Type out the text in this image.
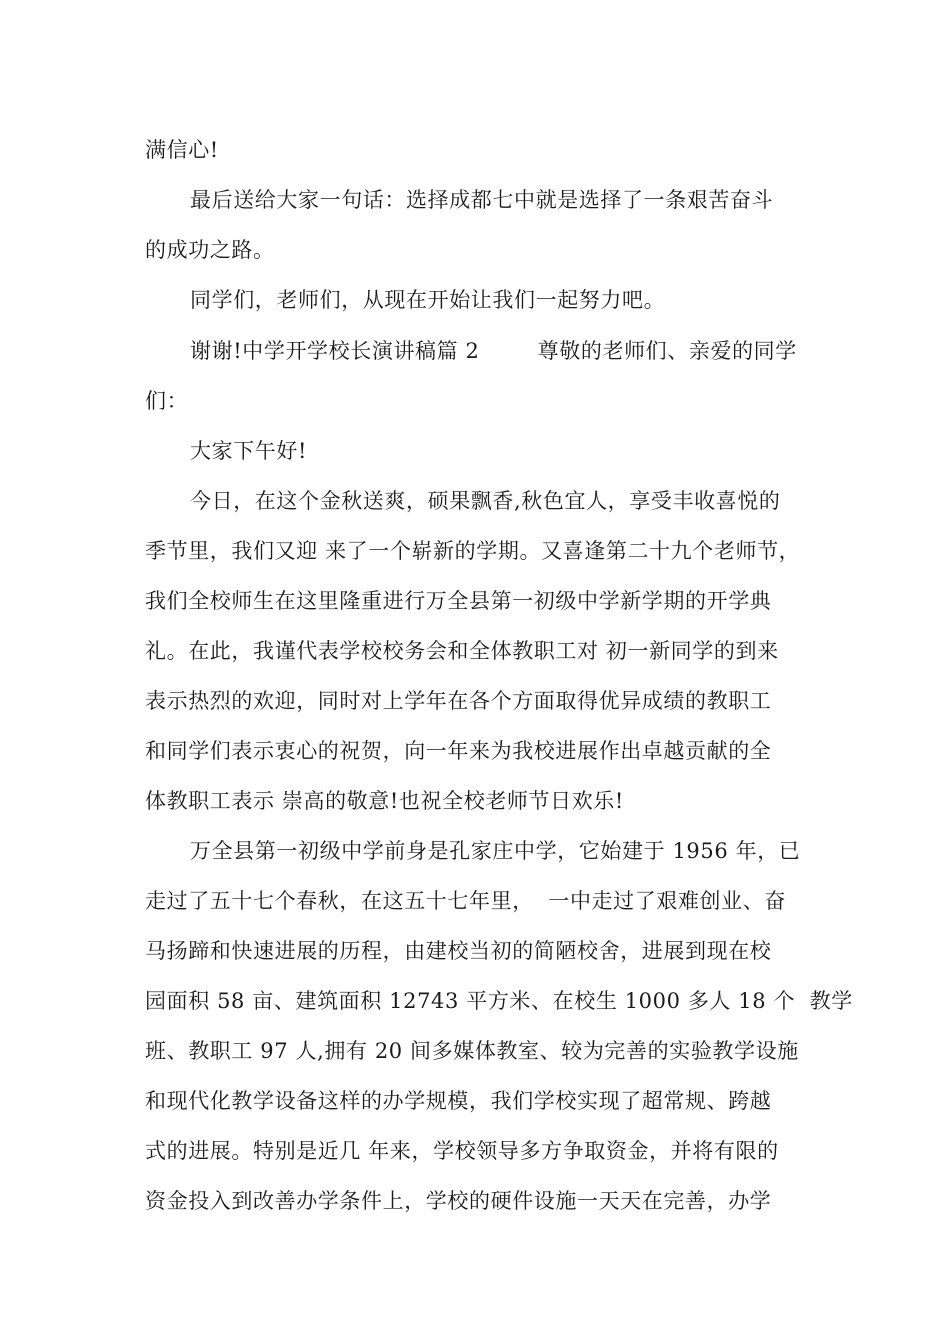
满信心!
最后送给大家一句话：选择成都七中就是选择了一条艰苦奋斗
的成功之路。
同学们，老师们，从现在开始让我们一起努力吧。
谢谢!中学开学校长演讲稿篇 2        尊敬的老师们、亲爱的同学
们：
大家下午好!
今日，在这个金秋送爽，硕果飘香,秋色宜人，享受丰收喜悦的
季节里，我们又迎 来了一个崭新的学期。又喜逢第二十九个老师节，
我们全校师生在这里隆重进行万全县第一初级中学新学期的开学典
礼。在此，我谨代表学校校务会和全体教职工对 初一新同学的到来
表示热烈的欢迎，同时对上学年在各个方面取得优异成绩的教职工
和同学们表示衷心的祝贺，向一年来为我校进展作出卓越贡献的全
体教职工表示 崇高的敬意!也祝全校老师节日欢乐!
万全县第一初级中学前身是孔家庄中学，它始建于 1956 年，已
走过了五十七个春秋，在这五十七年里，  一中走过了艰难创业、奋
马扬蹄和快速进展的历程，由建校当初的简陋校舍，进展到现在校
园面积 58 亩、建筑面积 12743 平方米、在校生 1000 多人 18 个  教学
班、教职工 97 人,拥有 20 间多媒体教室、较为完善的实验教学设施
和现代化教学设备这样的办学规模，我们学校实现了超常规、跨越
式的进展。特别是近几 年来，学校领导多方争取资金，并将有限的
资金投入到改善办学条件上，学校的硬件设施一天天在完善，办学
